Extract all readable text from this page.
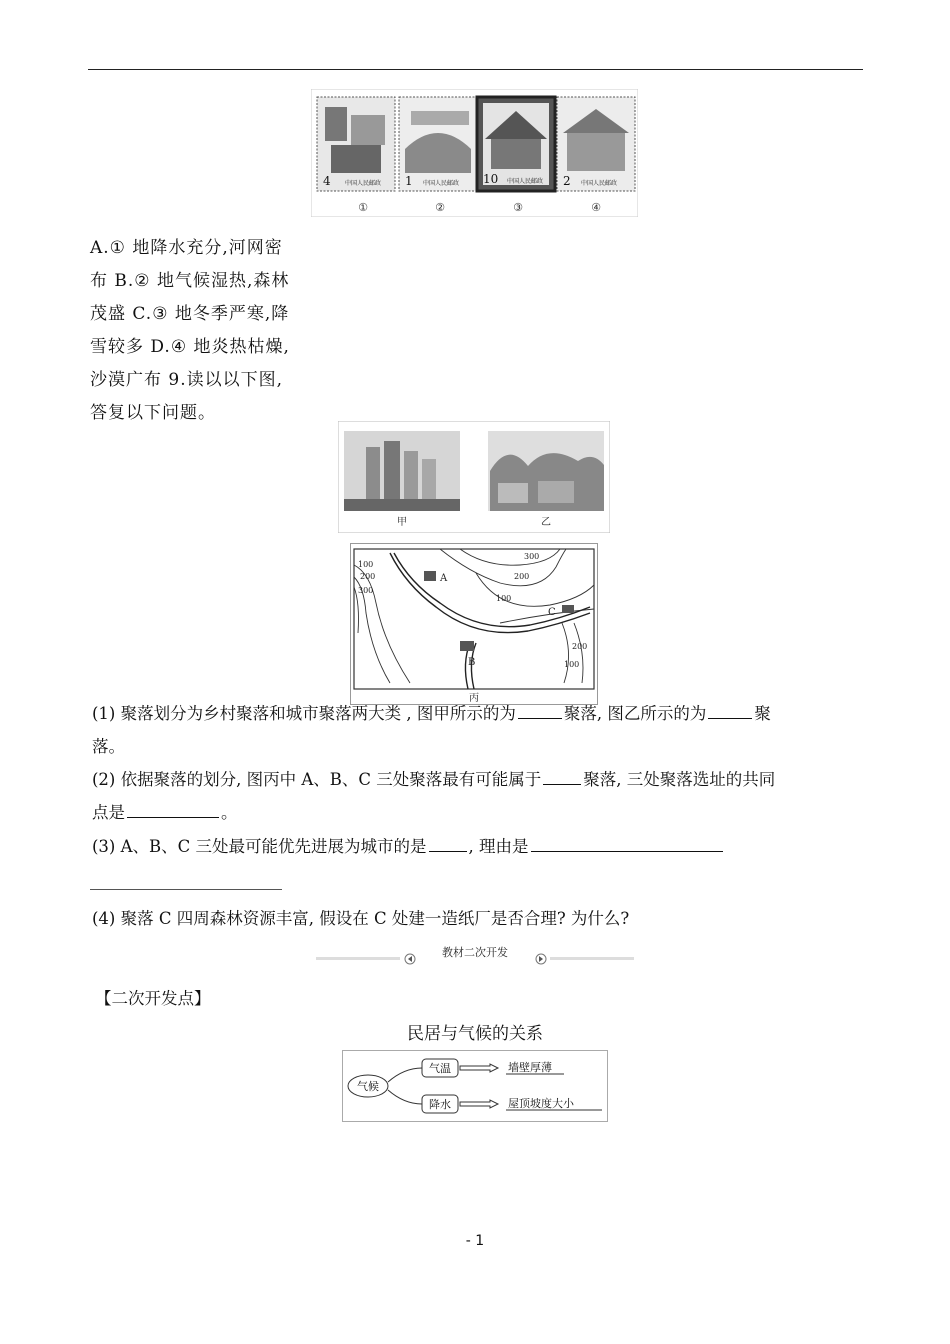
4 中国人民邮政 1 中国人民邮政 10 中国人民邮政 2 中国人民邮政
①	②	③	④
A.① 地降水充分,河网密
布 B.② 地气候湿热,森林
茂盛 C.③ 地冬季严寒,降
雪较多 D.④ 地炎热枯燥,
沙漠广布 9.读以以下图,
答复以下问题。
甲	乙
300
200
100
100
200
300
200
100
A
B
C
丙
(1) 聚落划分为乡村聚落和城市聚落两大类 , 图甲所示的为	聚落, 图乙所示的为	聚
落。
(2) 依据聚落的划分, 图丙中 A、B、C 三处聚落最有可能属于	聚落, 三处聚落选址的共同
点是	。
(3) A、B、C 三处最可能优先进展为城市的是	, 理由是
(4) 聚落 C 四周森林资源丰富, 假设在 C 处建一造纸厂是否合理? 为什么?
教材二次开发
【二次开发点】
民居与气候的关系
气候
气温
降水
墙壁厚薄
屋顶坡度大小
- 1
